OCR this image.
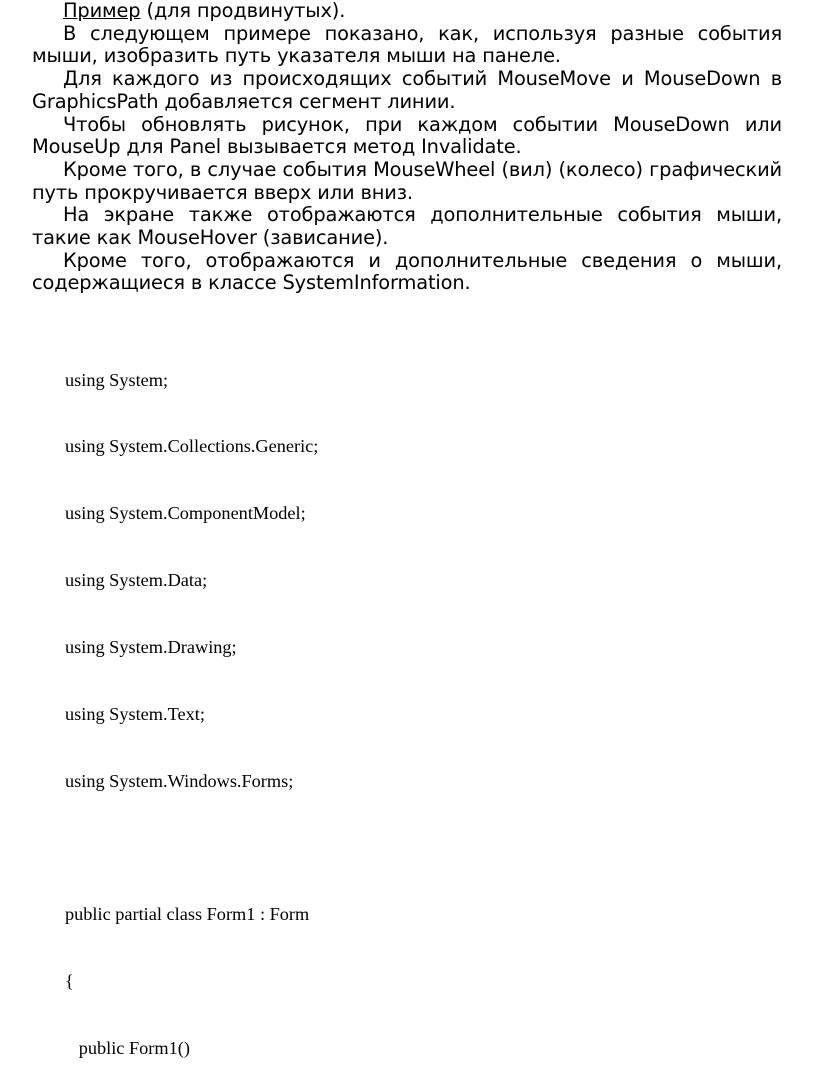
Пример (для продвинутых).

В следующем примере показано, как, используя разные события мыши, изобразить путь указателя мыши на панеле.

Для каждого из происходящих событий MouseMove и MouseDown в GraphicsPath добавляется сегмент линии.

Чтобы обновлять рисунок, при каждом событии MouseDown или MouseUp для Panel вызывается метод Invalidate.

Кроме того, в случае события MouseWheel (вил) (колесо) графический путь прокручивается вверх или вниз.

На экране также отображаются дополнительные события мыши, такие как MouseHover (зависание).

Кроме того, отображаются и дополнительные сведения о мыши, содержащиеся в классе SystemInformation.

using System;

using System.Collections.Generic;

using System.ComponentModel;

using System.Data;

using System.Drawing;

using System.Text;

using System.Windows.Forms;

public partial class Form1 : Form

{

public Form1()
